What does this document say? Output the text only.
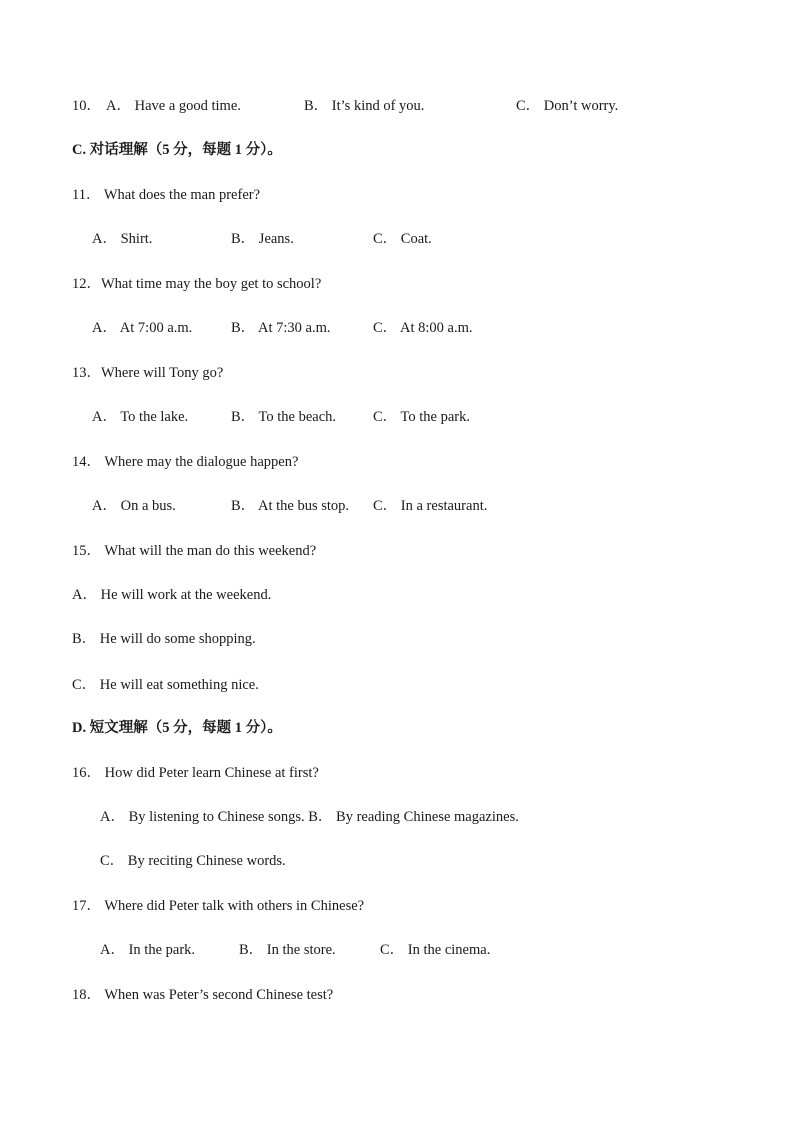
10． A． Have a good time.	B． It’s kind of you.	C． Don’t worry.
C. 对话理解（5 分，每题 1 分）。
11． What does the man prefer?
A． Shirt.	B． Jeans.	C． Coat.
12．What time may the boy get to school?
A． At 7:00 a.m.	B． At 7:30 a.m.	C． At 8:00 a.m.
13．Where will Tony go?
A． To the lake.	B． To the beach.	C． To the park.
14． Where may the dialogue happen?
A． On a bus.	B． At the bus stop. C． In a restaurant.
15． What will the man do this weekend?
A． He will work at the weekend.
B． He will do some shopping.
C． He will eat something nice.
D. 短文理解（5 分，每题 1 分）。
16． How did Peter learn Chinese at first?
A． By listening to Chinese songs. B． By reading Chinese magazines.
C． By reciting Chinese words.
17． Where did Peter talk with others in Chinese?
A． In the park.	B． In the store.	C． In the cinema.
18． When was Peter’s second Chinese test?
